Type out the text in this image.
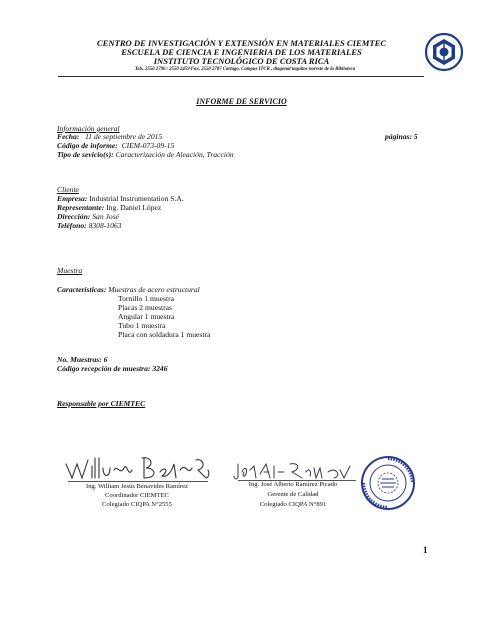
CENTRO DE INVESTIGACIÓN Y EXTENSIÓN EN MATERIALES CIEMTEC
ESCUELA DE CIENCIA E INGENIERIA DE LOS MATERIALES
INSTITUTO TECNOLÓGICO DE COSTA RICA
Tels. 2550 2796 / 2550 2459 Fax. 2550 2707 Cartago, Campus ITCR , diagonal taquitos noreste de la Biblioteca
INFORME DE SERVICIO
Información general
Fecha: 11 de septiembre de 2015	páginas: 5
Código de informe: CIEM-073-09-15
Tipo de sevicio(s): Caracterización de Aleación, Tracción
Cliente
Empresa: Industrial Instrumentation S.A.
Representante: Ing. Daniel López
Dirección: San José
Teléfono: 8308-1063
Muestra
Características: Muestras de acero estructural
Tornillo 1 muestra
Placas 2 muestras
Angular 1 muestra
Tubo 1 muestra
Placa con soldadura 1 muestra
No. Muestras: 6
Código recepción de muestra: 3246
Responsable por CIEMTEC
Ing. William Jesús Benavides Ramírez
Coordinador CIEMTEC
Colegiado CIQPA N°2555
Ing. José Alberto Ramírez Picado
Gerente de Calidad
Colegiado CIQPA N°891
1
